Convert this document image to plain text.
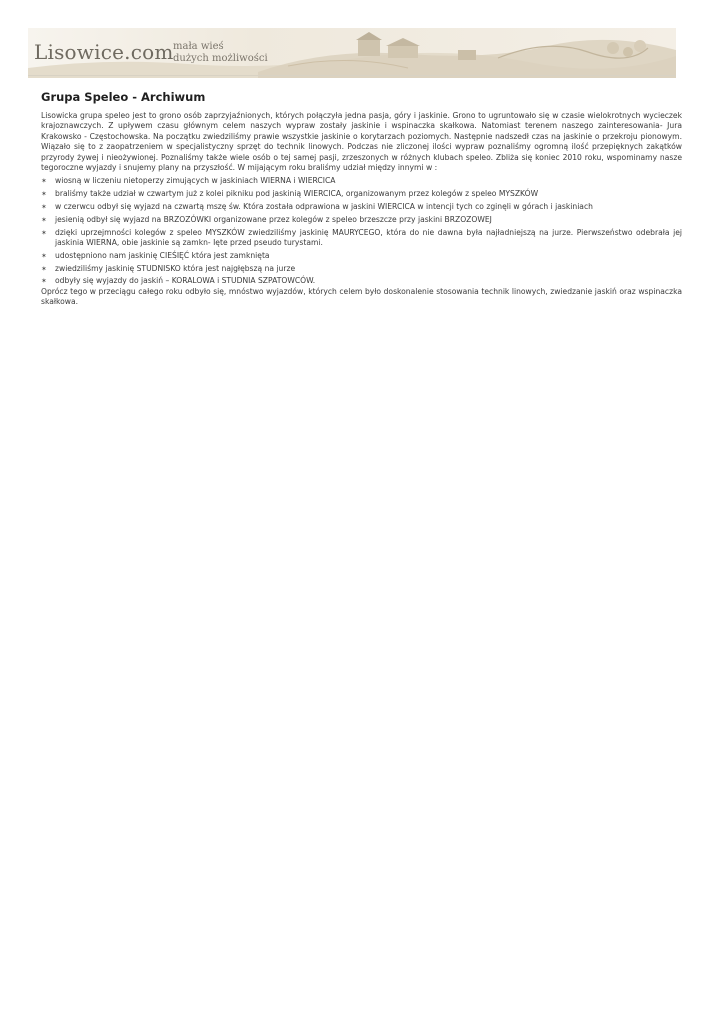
Lisowice.com mała wieś
dużych możliwości
Grupa Speleo - Archiwum

Lisowicka grupa speleo jest to grono osób zaprzyjaźnionych, których połączyła jedna pasja, góry i jaskinie. Grono to ugruntowało się w czasie wielokrotnych wycieczek krajoznawczych. Z upływem czasu głównym celem naszych wypraw zostały jaskinie i wspinaczka skałkowa. Natomiast terenem naszego zainteresowania- Jura Krakowsko - Częstochowska. Na początku zwiedziliśmy prawie wszystkie jaskinie o korytarzach poziomych. Następnie nadszedł czas na jaskinie o przekroju pionowym. Wiązało się to z zaopatrzeniem w specjalistyczny sprzęt do technik linowych. Podczas nie zliczonej ilości wypraw poznaliśmy ogromną ilość przepięknych zakątków przyrody żywej i nieożywionej. Poznaliśmy także wiele osób o tej samej pasji, zrzeszonych w różnych klubach speleo. Zbliża się koniec 2010 roku, wspominamy nasze tegoroczne wyjazdy i snujemy plany na przyszłość. W mijającym roku braliśmy udział między innymi w :

✶ wiosną w liczeniu nietoperzy zimujących w jaskiniach WIERNA i WIERCICA
✶ braliśmy także udział w czwartym już z kolei pikniku pod jaskinią WIERCICA, organizowanym przez kolegów z speleo MYSZKÓW
✶ w czerwcu odbył się wyjazd na czwartą mszę św. Która została odprawiona w jaskini WIERCICA w intencji tych co zginęli w górach i jaskiniach
✶ jesienią odbył się wyjazd na BRZOZÓWKI organizowane przez kolegów z speleo brzeszcze przy jaskini BRZOZOWEJ
✶ dzięki uprzejmności kolegów z speleo MYSZKÓW zwiedziliśmy jaskinię MAURYCEGO, która do nie dawna była najładniejszą na jurze. Pierwszeństwo odebrała jej jaskinia WIERNA, obie jaskinie są zamkn- Ięte przed pseudo turystami.
✶ udostępniono nam jaskinię CIEŚIĘĆ która jest zamknięta
✶ zwiedziliśmy jaskinię STUDNISKO która jest najgłębszą na jurze
✶ odbyły się wyjazdy do jaskiń – KORALOWA i STUDNIA SZPATOWCÓW.

Oprócz tego w przeciągu całego roku odbyło się, mnóstwo wyjazdów, których celem było doskonalenie stosowania technik linowych, zwiedzanie jaskiń oraz wspinaczka skałkowa.
